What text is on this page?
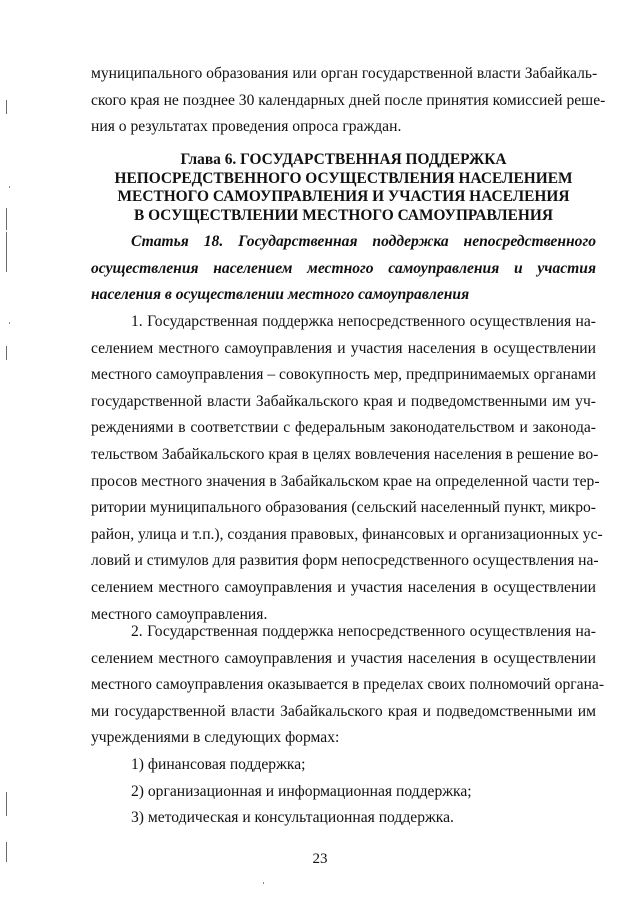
муниципального образования или орган государственной власти Забайкаль-
ского края не позднее 30 календарных дней после принятия комиссией реше-
ния о результатах проведения опроса граждан.
Глава 6. ГОСУДАРСТВЕННАЯ ПОДДЕРЖКА
НЕПОСРЕДСТВЕННОГО ОСУЩЕСТВЛЕНИЯ НАСЕЛЕНИЕМ
МЕСТНОГО САМОУПРАВЛЕНИЯ И УЧАСТИЯ НАСЕЛЕНИЯ
В ОСУЩЕСТВЛЕНИИ МЕСТНОГО САМОУПРАВЛЕНИЯ
Статья 18. Государственная поддержка непосредственного
осуществления населением местного самоуправления и участия
населения в осуществлении местного самоуправления
1. Государственная поддержка непосредственного осуществления на-
селением местного самоуправления и участия населения в осуществлении
местного самоуправления – совокупность мер, предпринимаемых органами
государственной власти Забайкальского края и подведомственными им уч-
реждениями в соответствии с федеральным законодательством и законода-
тельством Забайкальского края в целях вовлечения населения в решение во-
просов местного значения в Забайкальском крае на определенной части тер-
ритории муниципального образования (сельский населенный пункт, микро-
район, улица и т.п.), создания правовых, финансовых и организационных ус-
ловий и стимулов для развития форм непосредственного осуществления на-
селением местного самоуправления и участия населения в осуществлении
местного самоуправления.
2. Государственная поддержка непосредственного осуществления на-
селением местного самоуправления и участия населения в осуществлении
местного самоуправления оказывается в пределах своих полномочий органа-
ми государственной власти Забайкальского края и подведомственными им
учреждениями в следующих формах:
1) финансовая поддержка;
2) организационная и информационная поддержка;
3) методическая и консультационная поддержка.
23
